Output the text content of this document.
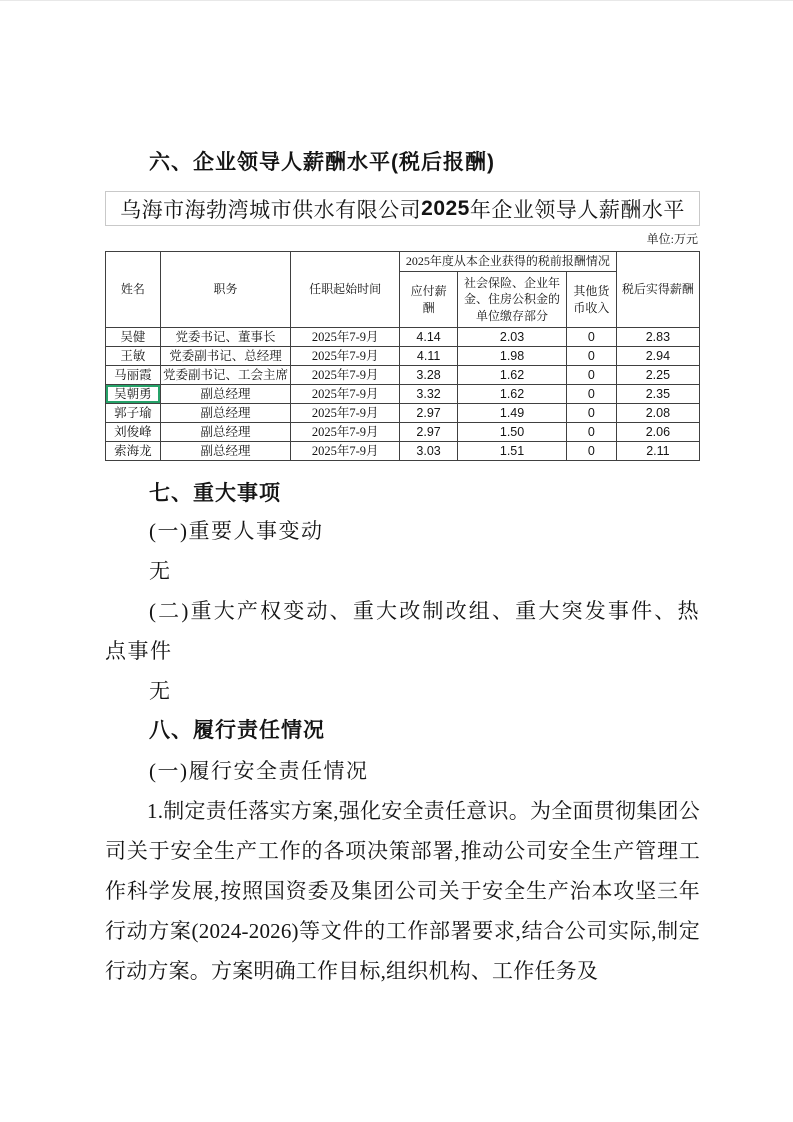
六、企业领导人薪酬水平(税后报酬)
乌海市海勃湾城市供水有限公司 2025 年企业领导人薪酬水平
单位:万元
姓名	职务	任职起始时间	2025年度从本企业获得的税前报酬情况			税后实得薪酬
			应付薪酬	社会保险、企业年金、住房公积金的单位缴存部分	其他货币收入	
吴健	党委书记、董事长	2025年7-9月	4.14	2.03	0	2.83
王敏	党委副书记、总经理	2025年7-9月	4.11	1.98	0	2.94
马丽霞	党委副书记、工会主席	2025年7-9月	3.28	1.62	0	2.25
吴朝勇	副总经理	2025年7-9月	3.32	1.62	0	2.35
郭子瑜	副总经理	2025年7-9月	2.97	1.49	0	2.08
刘俊峰	副总经理	2025年7-9月	2.97	1.50	0	2.06
索海龙	副总经理	2025年7-9月	3.03	1.51	0	2.11
七、重大事项
(一)重要人事变动
无
(二)重大产权变动、重大改制改组、重大突发事件、热点事件
无
八、履行责任情况
(一)履行安全责任情况
1.制定责任落实方案,强化安全责任意识。为全面贯彻集团公司关于安全生产工作的各项决策部署,推动公司安全生产管理工作科学发展,按照国资委及集团公司关于安全生产治本攻坚三年行动方案(2024-2026)等文件的工作部署要求,结合公司实际,制定行动方案。方案明确工作目标,组织机构、工作任务及
